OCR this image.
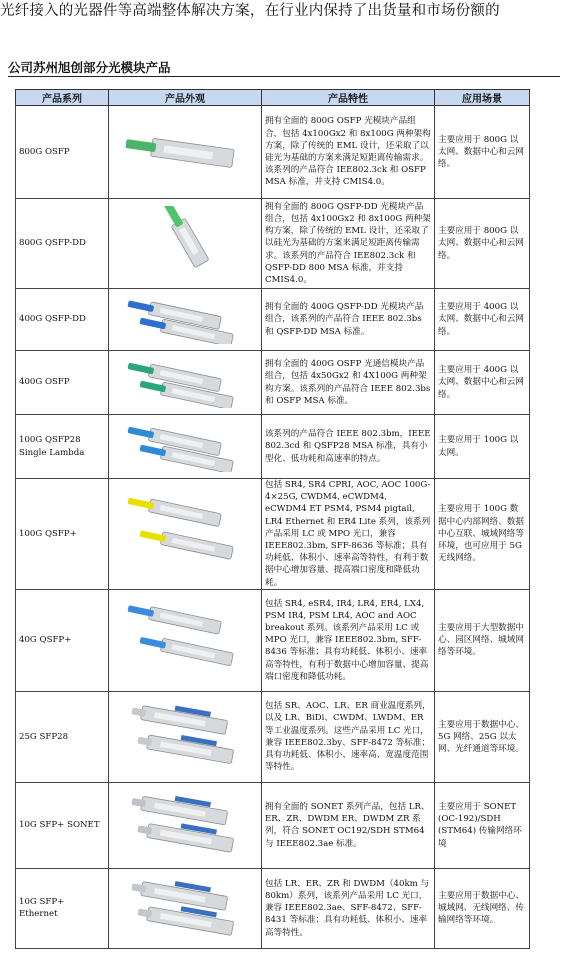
光纤接入的光器件等高端整体解决方案，在行业内保持了出货量和市场份额的
公司苏州旭创部分光模块产品
产品系列	产品外观	产品特性	应用场景
800G OSFP		拥有全面的 800G OSFP 光模块产品组合，包括 4x100Gx2 和 8x100G 两种架构方案，除了传统的 EML 设计，还采取了以硅光为基础的方案来满足短距离传输需求。该系列的产品符合 IEE802.3ck 和 OSFP MSA 标准，并支持 CMIS4.0。	主要应用于 800G 以太网、数据中心和云网络。
800G QSFP-DD		拥有全面的 800G QSFP-DD 光模块产品组合，包括 4x100Gx2 和 8x100G 两种架构方案，除了传统的 EML 设计，还采取了以硅光为基础的方案来满足短距离传输需求。该系列的产品符合 IEE802.3ck 和 QSFP-DD 800 MSA 标准，并支持 CMIS4.0。	主要应用于 800G 以太网、数据中心和云网络。
400G QSFP-DD		拥有全面的 400G QSFP-DD 光模块产品组合，该系列的产品符合 IEEE 802.3bs 和 QSFP-DD MSA 标准。	主要应用于 400G 以太网、数据中心和云网络。
400G OSFP		拥有全面的 400G OSFP 光通信模块产品组合，包括 4x50Gx2 和 4X100G 两种架构方案。该系列的产品符合 IEEE 802.3bs 和 OSFP MSA 标准。	主要应用于 400G 以太网、数据中心和云网络。
100G QSFP28 Single Lambda		该系列的产品符合 IEEE 802.3bm，IEEE 802.3cd 和 QSFP28 MSA 标准，具有小型化、低功耗和高速率的特点。	主要应用于 100G 以太网。
100G QSFP+		包括 SR4, SR4 CPRI, AOC, AOC 100G-4×25G, CWDM4, eCWDM4, eCWDM4 ET PSM4, PSM4 pigtail, LR4 Ethernet 和 ER4 Lite 系列，该系列产品采用 LC 或 MPO 光口，兼容 IEEE802.3bm, SFF-8636 等标准；具有功耗低、体积小、速率高等特性，有利于数据中心增加容量、提高端口密度和降低功耗。	主要应用于 100G 数据中心内部网络、数据中心互联、城域网络等环境，也可应用于 5G 无线网络。
40G QSFP+		包括 SR4, eSR4, IR4, LR4, ER4, LX4, PSM IR4, PSM LR4, AOC and AOC breakout 系列。该系列产品采用 LC 或 MPO 光口，兼容 IEEE802.3bm, SFF-8436 等标准；具有功耗低、体积小、速率高等特性，有利于数据中心增加容量、提高端口密度和降低功耗。	主要应用于大型数据中心、园区网络、城域网络等环境。
25G SFP28		包括 SR、AOC、LR、ER 商业温度系列，以及 LR、BiDi、CWDM、LWDM、ER 等工业温度系列。这些产品采用 LC 光口，兼容 IEEE802.3by、SFF-8472 等标准；具有功耗低、体积小、速率高、宽温度范围等特性。	主要应用于数据中心、5G 网络、25G 以太网、光纤通道等环境。
10G SFP+ SONET		拥有全面的 SONET 系列产品，包括 LR、ER、ZR、DWDM ER、DWDM ZR 系列，符合 SONET OC192/SDH STM64 与 IEEE802.3ae 标准。	主要应用于 SONET (OC-192)/SDH (STM64) 传输网络环境
10G SFP+ Ethernet		包括 LR、ER、ZR 和 DWDM（40km 与 80km）系列，该系列产品采用 LC 光口，兼容 IEEE802.3ae、SFF-8472、SFF-8431 等标准；具有功耗低、体积小、速率高等特性。	主要应用于数据中心、城域网、无线网络、传输网络等环境。
